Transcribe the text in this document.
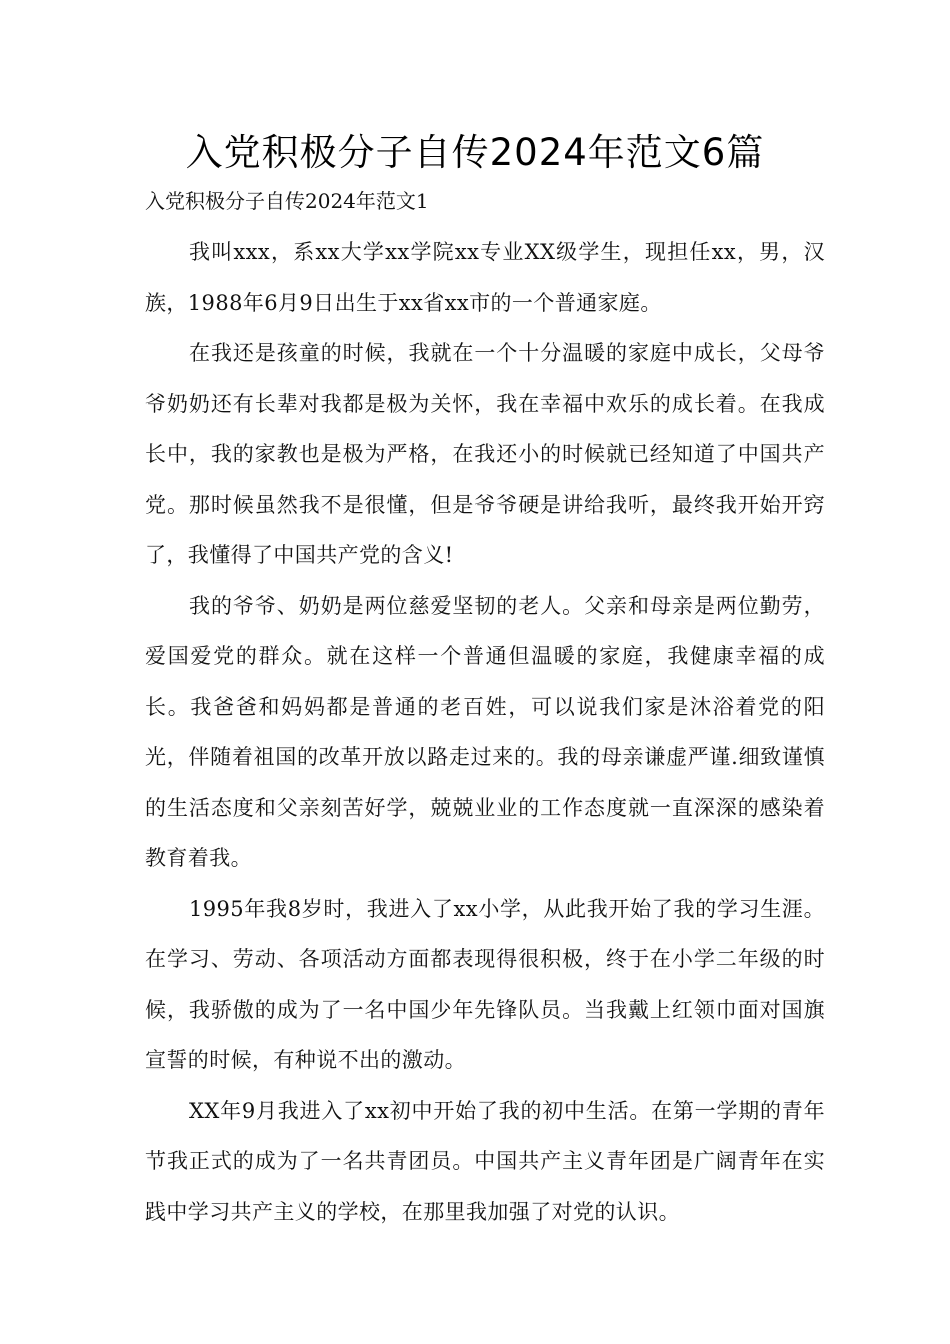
入党积极分子自传2024年范文6篇

入党积极分子自传2024年范文1

我叫xxx，系xx大学xx学院xx专业XX级学生，现担任xx，男，汉族，1988年6月9日出生于xx省xx市的一个普通家庭。

在我还是孩童的时候，我就在一个十分温暖的家庭中成长，父母爷爷奶奶还有长辈对我都是极为关怀，我在幸福中欢乐的成长着。在我成长中，我的家教也是极为严格，在我还小的时候就已经知道了中国共产党。那时候虽然我不是很懂，但是爷爷硬是讲给我听，最终我开始开窍了，我懂得了中国共产党的含义!

我的爷爷、奶奶是两位慈爱坚韧的老人。父亲和母亲是两位勤劳，爱国爱党的群众。就在这样一个普通但温暖的家庭，我健康幸福的成长。我爸爸和妈妈都是普通的老百姓，可以说我们家是沐浴着党的阳光，伴随着祖国的改革开放以路走过来的。我的母亲谦虚严谨.细致谨慎的生活态度和父亲刻苦好学，兢兢业业的工作态度就一直深深的感染着教育着我。

1995年我8岁时，我进入了xx小学，从此我开始了我的学习生涯。在学习、劳动、各项活动方面都表现得很积极，终于在小学二年级的时候，我骄傲的成为了一名中国少年先锋队员。当我戴上红领巾面对国旗宣誓的时候，有种说不出的激动。

XX年9月我进入了xx初中开始了我的初中生活。在第一学期的青年节我正式的成为了一名共青团员。中国共产主义青年团是广阔青年在实践中学习共产主义的学校，在那里我加强了对党的认识。
